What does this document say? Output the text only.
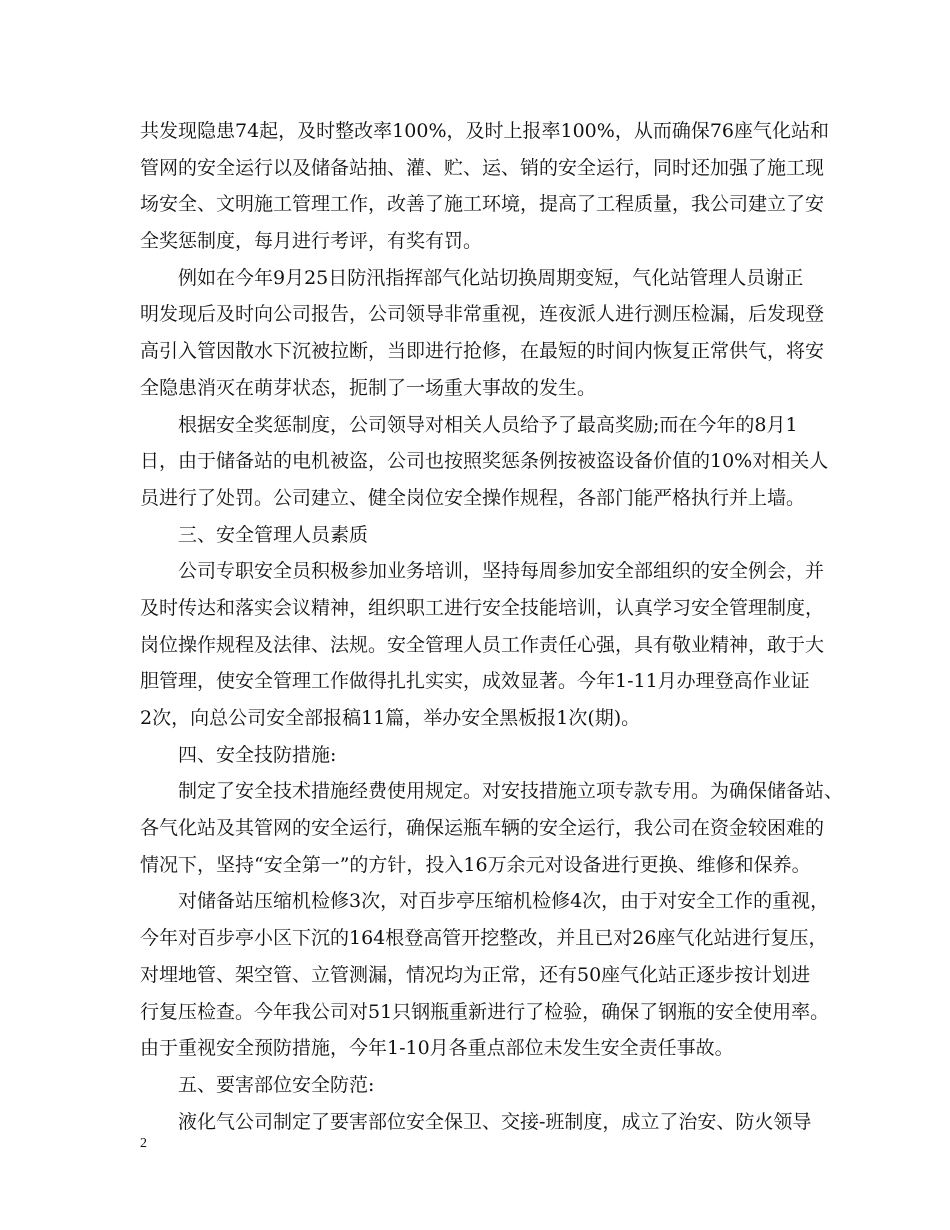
共发现隐患74起，及时整改率100%，及时上报率100%，从而确保76座气化站和
管网的安全运行以及储备站抽、灌、贮、运、销的安全运行，同时还加强了施工现
场安全、文明施工管理工作，改善了施工环境，提高了工程质量，我公司建立了安
全奖惩制度，每月进行考评，有奖有罚。
例如在今年9月25日防汛指挥部气化站切换周期变短，气化站管理人员谢正
明发现后及时向公司报告，公司领导非常重视，连夜派人进行测压检漏，后发现登
高引入管因散水下沉被拉断，当即进行抢修，在最短的时间内恢复正常供气，将安
全隐患消灭在萌芽状态，扼制了一场重大事故的发生。
根据安全奖惩制度，公司领导对相关人员给予了最高奖励;而在今年的8月1
日，由于储备站的电机被盗，公司也按照奖惩条例按被盗设备价值的10%对相关人
员进行了处罚。公司建立、健全岗位安全操作规程，各部门能严格执行并上墙。
三、安全管理人员素质
公司专职安全员积极参加业务培训，坚持每周参加安全部组织的安全例会，并
及时传达和落实会议精神，组织职工进行安全技能培训，认真学习安全管理制度，
岗位操作规程及法律、法规。安全管理人员工作责任心强，具有敬业精神，敢于大
胆管理，使安全管理工作做得扎扎实实，成效显著。今年1-11月办理登高作业证
2次，向总公司安全部报稿11篇，举办安全黑板报1次(期)。
四、安全技防措施:
制定了安全技术措施经费使用规定。对安技措施立项专款专用。为确保储备站、
各气化站及其管网的安全运行，确保运瓶车辆的安全运行，我公司在资金较困难的
情况下，坚持“安全第一”的方针，投入16万余元对设备进行更换、维修和保养。
对储备站压缩机检修3次，对百步亭压缩机检修4次，由于对安全工作的重视，
今年对百步亭小区下沉的164根登高管开挖整改，并且已对26座气化站进行复压，
对埋地管、架空管、立管测漏，情况均为正常，还有50座气化站正逐步按计划进
行复压检查。今年我公司对51只钢瓶重新进行了检验，确保了钢瓶的安全使用率。
由于重视安全预防措施，今年1-10月各重点部位未发生安全责任事故。
五、要害部位安全防范:
液化气公司制定了要害部位安全保卫、交接-班制度，成立了治安、防火领导
2
